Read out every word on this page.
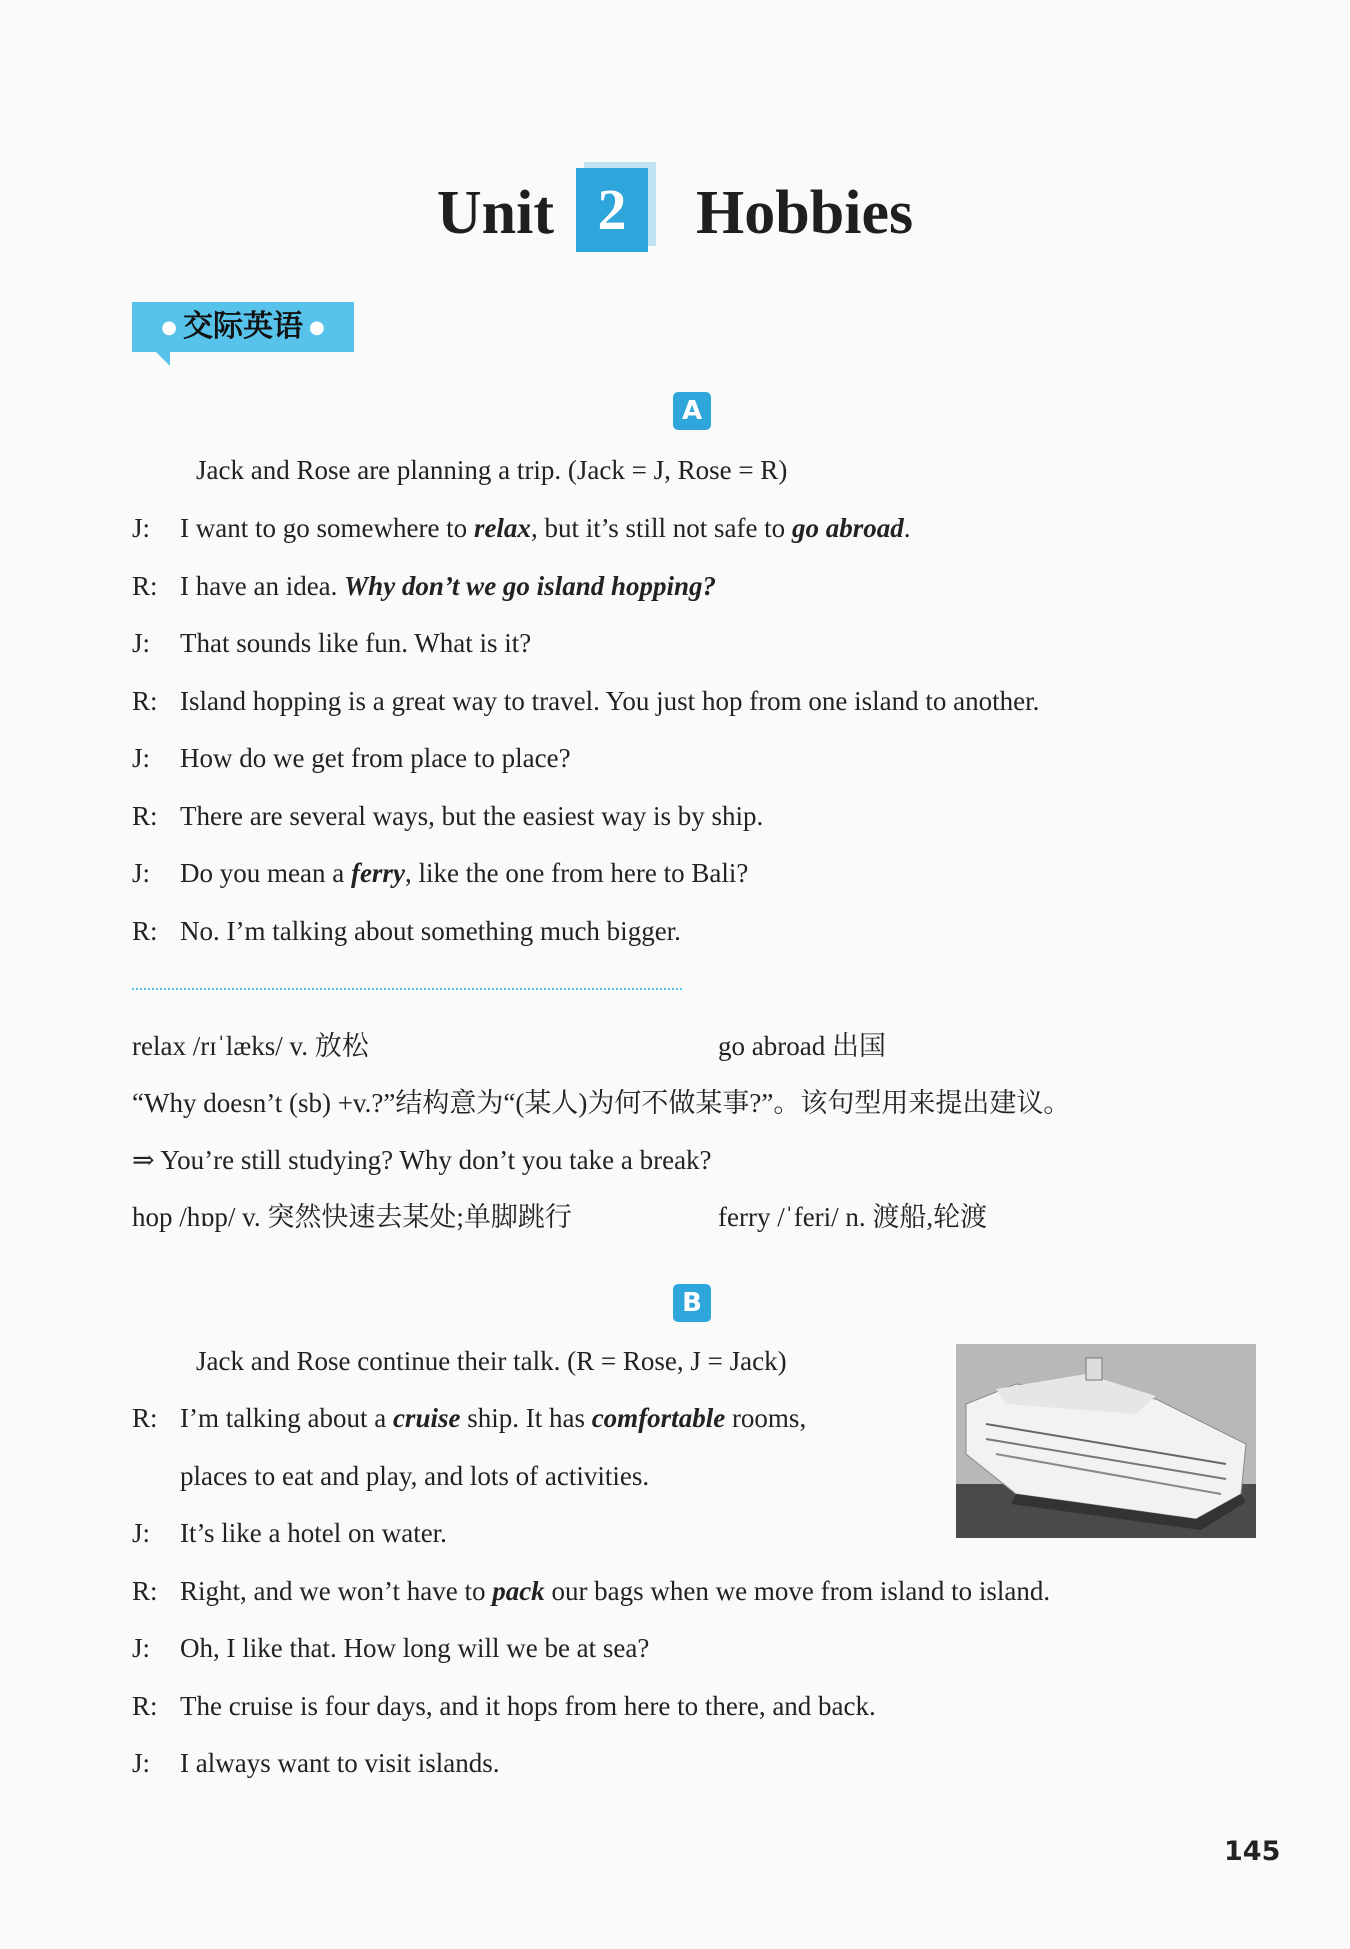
Unit 2 Hobbies
● 交际英语 ●
A
Jack and Rose are planning a trip. (Jack = J, Rose = R)
J: I want to go somewhere to relax, but it’s still not safe to go abroad.
R: I have an idea. Why don’t we go island hopping?
J: That sounds like fun. What is it?
R: Island hopping is a great way to travel. You just hop from one island to another.
J: How do we get from place to place?
R: There are several ways, but the easiest way is by ship.
J: Do you mean a ferry, like the one from here to Bali?
R: No. I’m talking about something much bigger.
relax /rɪˈlæks/ v. 放松	go abroad 出国
“Why doesn’t (sb) +v.?”结构意为“(某人)为何不做某事?”。该句型用来提出建议。
⇒ You’re still studying? Why don’t you take a break?
hop /hɒp/ v. 突然快速去某处;单脚跳行	ferry /ˈferi/ n. 渡船,轮渡
B
Jack and Rose continue their talk. (R = Rose, J = Jack)
R: I’m talking about a cruise ship. It has comfortable rooms,
places to eat and play, and lots of activities.
J: It’s like a hotel on water.
R: Right, and we won’t have to pack our bags when we move from island to island.
J: Oh, I like that. How long will we be at sea?
R: The cruise is four days, and it hops from here to there, and back.
J: I always want to visit islands.
145
